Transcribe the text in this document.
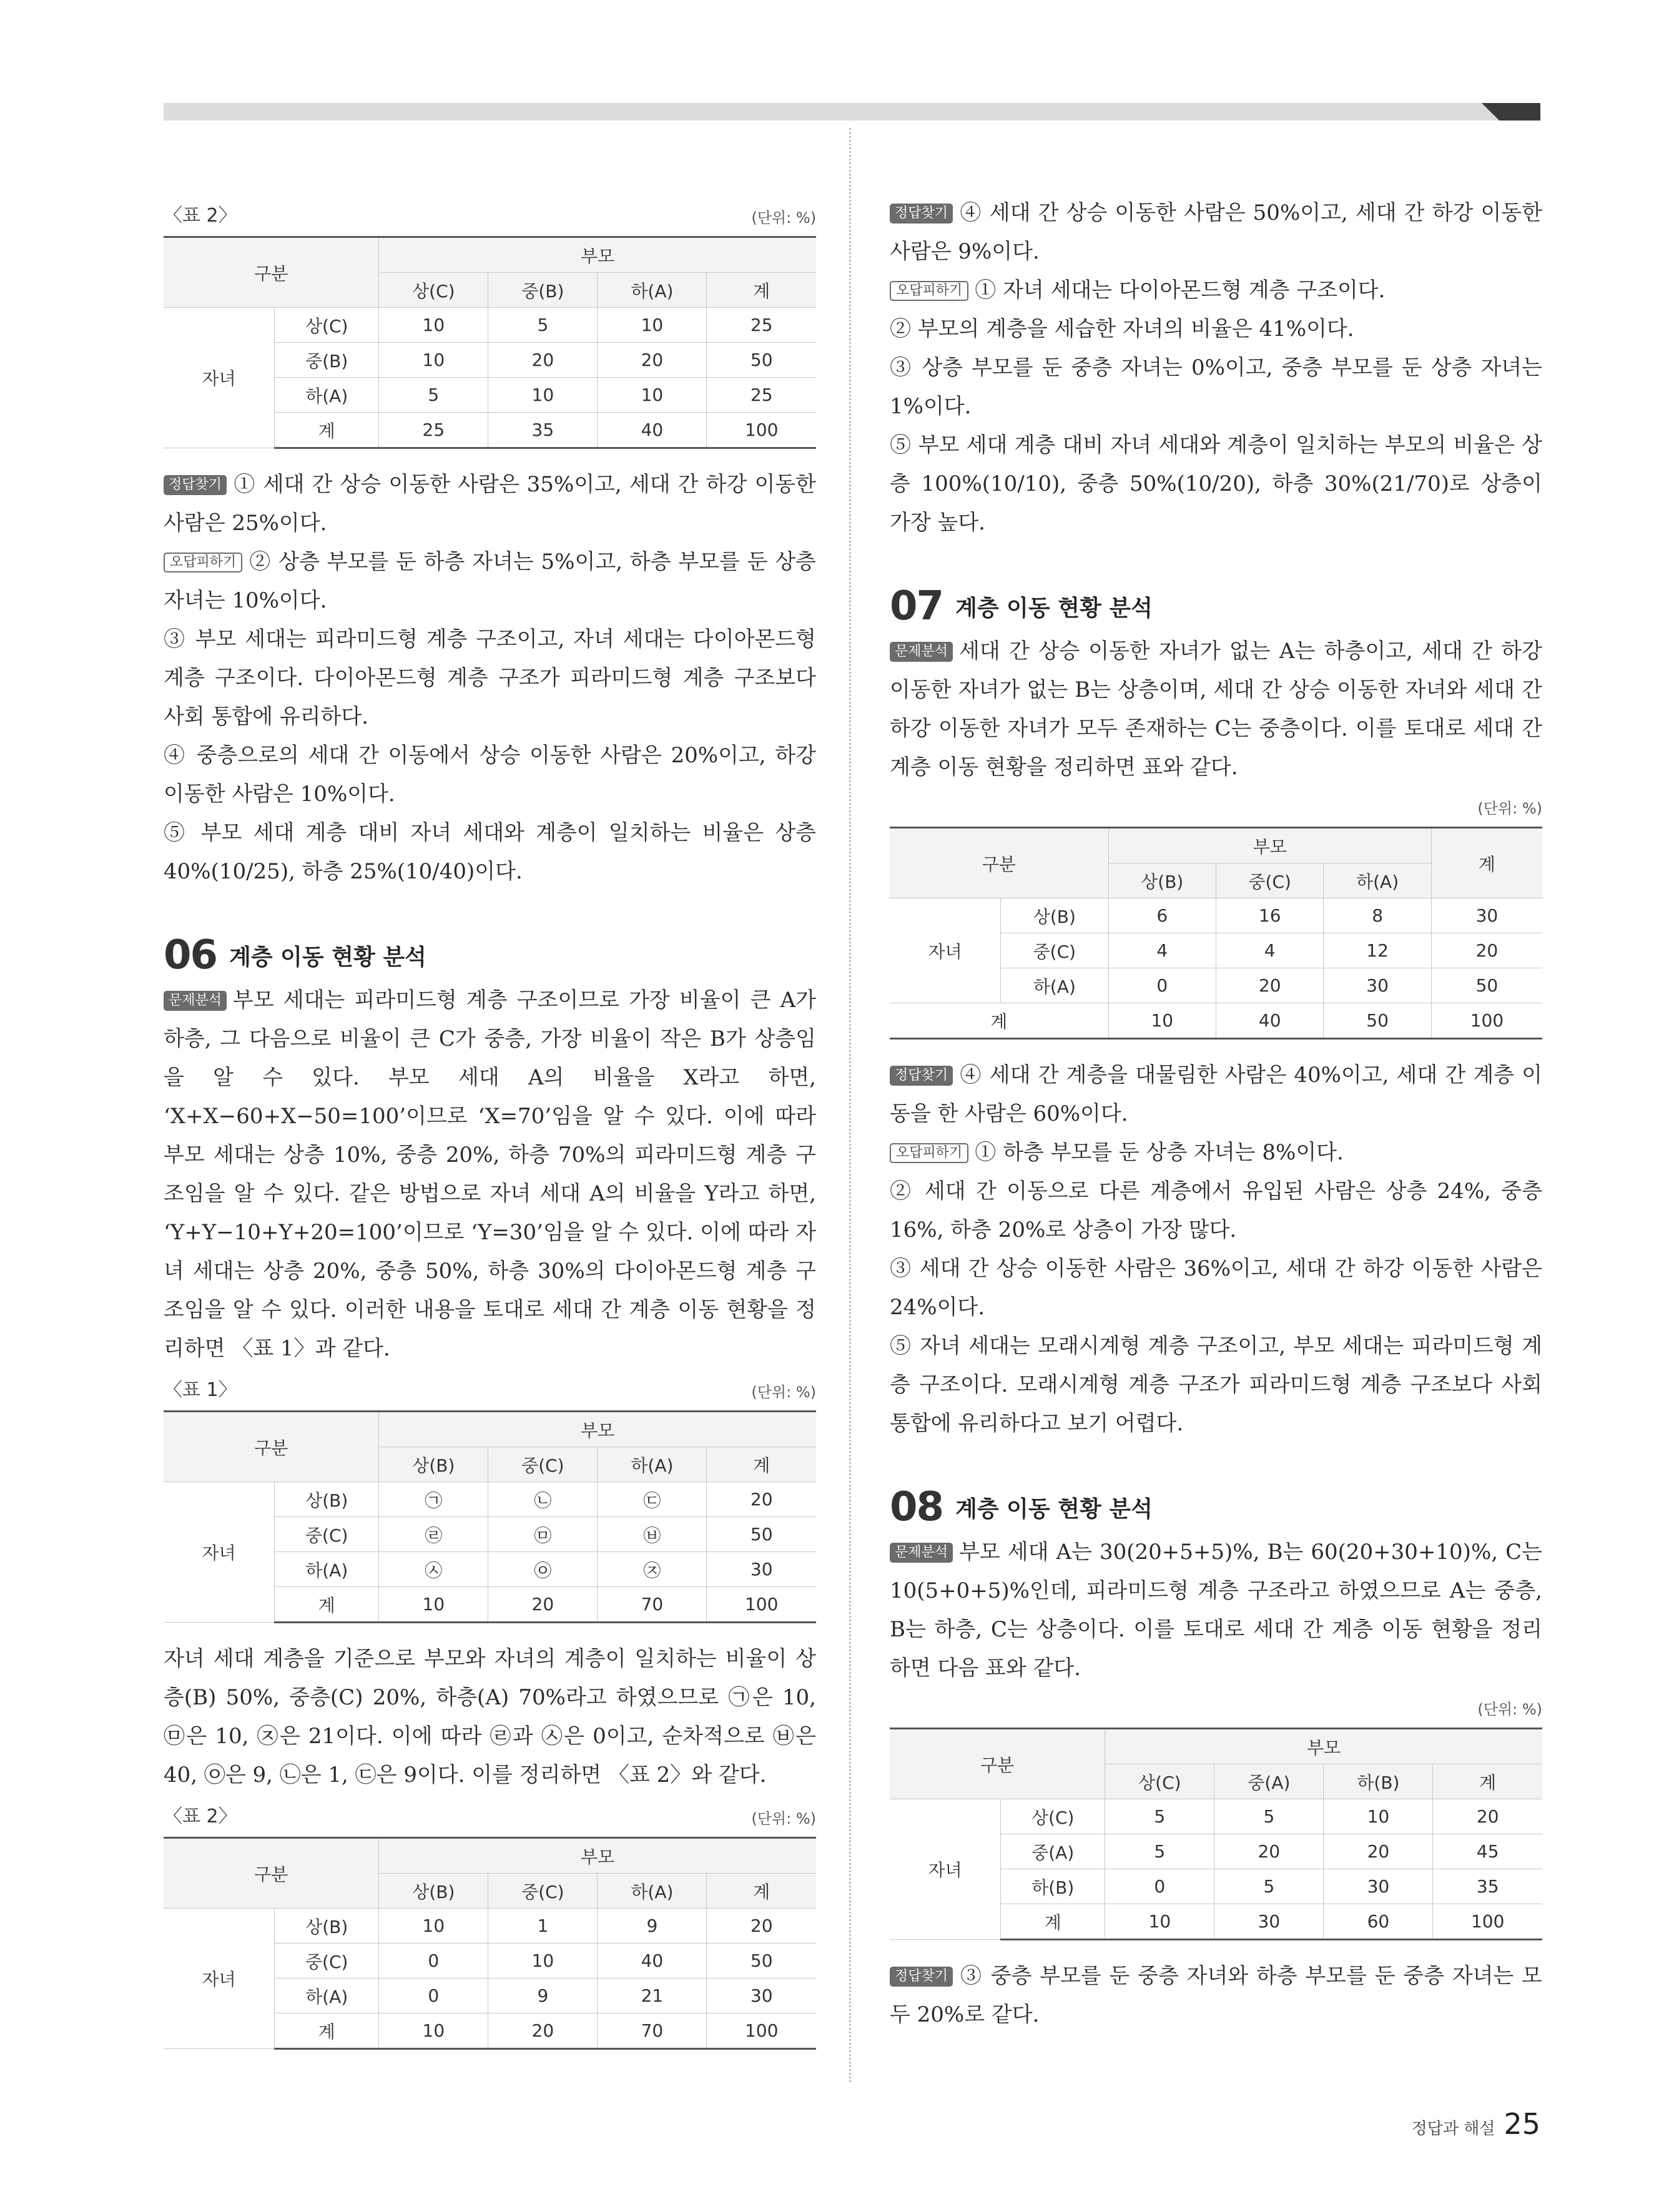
〈표 2〉	(단위: %)
구분		부모			
		상(C)	중(B)	하(A)	계
자녀	상(C)	10	5	10	25
	중(B)	10	20	20	50
	하(A)	5	10	10	25
	계	25	35	40	100

정답찾기 ① 세대 간 상승 이동한 사람은 35%이고, 세대 간 하강 이동한 사람은 25%이다.

오답피하기 ② 상층 부모를 둔 하층 자녀는 5%이고, 하층 부모를 둔 상층 자녀는 10%이다.

③ 부모 세대는 피라미드형 계층 구조이고, 자녀 세대는 다이아몬드형 계층 구조이다. 다이아몬드형 계층 구조가 피라미드형 계층 구조보다 사회 통합에 유리하다.

④ 중층으로의 세대 간 이동에서 상승 이동한 사람은 20%이고, 하강 이동한 사람은 10%이다.

⑤ 부모 세대 계층 대비 자녀 세대와 계층이 일치하는 비율은 상층 40%(10/25), 하층 25%(10/40)이다.

06 계층 이동 현황 분석

문제분석 부모 세대는 피라미드형 계층 구조이므로 가장 비율이 큰 A가 하층, 그 다음으로 비율이 큰 C가 중층, 가장 비율이 작은 B가 상층임을 알 수 있다. 부모 세대 A의 비율을 X라고 하면, ‘X+X−60+X−50=100’이므로 ‘X=70’임을 알 수 있다. 이에 따라 부모 세대는 상층 10%, 중층 20%, 하층 70%의 피라미드형 계층 구조임을 알 수 있다. 같은 방법으로 자녀 세대 A의 비율을 Y라고 하면, ‘Y+Y−10+Y+20=100’이므로 ‘Y=30’임을 알 수 있다. 이에 따라 자녀 세대는 상층 20%, 중층 50%, 하층 30%의 다이아몬드형 계층 구조임을 알 수 있다. 이러한 내용을 토대로 세대 간 계층 이동 현황을 정리하면 〈표 1〉과 같다.

〈표 1〉	(단위: %)
구분		부모			
		상(B)	중(C)	하(A)	계
자녀	상(B)	㉠	㉡	㉢	20
	중(C)	㉣	㉤	㉥	50
	하(A)	㉦	㉧	㉨	30
	계	10	20	70	100

자녀 세대 계층을 기준으로 부모와 자녀의 계층이 일치하는 비율이 상층(B) 50%, 중층(C) 20%, 하층(A) 70%라고 하였으므로 ㉠은 10, ㉤은 10, ㉨은 21이다. 이에 따라 ㉣과 ㉦은 0이고, 순차적으로 ㉥은 40, ㉧은 9, ㉡은 1, ㉢은 9이다. 이를 정리하면 〈표 2〉와 같다.

〈표 2〉	(단위: %)
구분		부모			
		상(B)	중(C)	하(A)	계
자녀	상(B)	10	1	9	20
	중(C)	0	10	40	50
	하(A)	0	9	21	30
	계	10	20	70	100

정답찾기 ④ 세대 간 상승 이동한 사람은 50%이고, 세대 간 하강 이동한 사람은 9%이다.

오답피하기 ① 자녀 세대는 다이아몬드형 계층 구조이다.

② 부모의 계층을 세습한 자녀의 비율은 41%이다.

③ 상층 부모를 둔 중층 자녀는 0%이고, 중층 부모를 둔 상층 자녀는 1%이다.

⑤ 부모 세대 계층 대비 자녀 세대와 계층이 일치하는 부모의 비율은 상층 100%(10/10), 중층 50%(10/20), 하층 30%(21/70)로 상층이 가장 높다.

07 계층 이동 현황 분석

문제분석 세대 간 상승 이동한 자녀가 없는 A는 하층이고, 세대 간 하강 이동한 자녀가 없는 B는 상층이며, 세대 간 상승 이동한 자녀와 세대 간 하강 이동한 자녀가 모두 존재하는 C는 중층이다. 이를 토대로 세대 간 계층 이동 현황을 정리하면 표와 같다.

(단위: %)
구분		부모			계
		상(B)	중(C)	하(A)	
자녀	상(B)	6	16	8	30
	중(C)	4	4	12	20
	하(A)	0	20	30	50
계		10	40	50	100

정답찾기 ④ 세대 간 계층을 대물림한 사람은 40%이고, 세대 간 계층 이동을 한 사람은 60%이다.

오답피하기 ① 하층 부모를 둔 상층 자녀는 8%이다.

② 세대 간 이동으로 다른 계층에서 유입된 사람은 상층 24%, 중층 16%, 하층 20%로 상층이 가장 많다.

③ 세대 간 상승 이동한 사람은 36%이고, 세대 간 하강 이동한 사람은 24%이다.

⑤ 자녀 세대는 모래시계형 계층 구조이고, 부모 세대는 피라미드형 계층 구조이다. 모래시계형 계층 구조가 피라미드형 계층 구조보다 사회 통합에 유리하다고 보기 어렵다.

08 계층 이동 현황 분석

문제분석 부모 세대 A는 30(20+5+5)%, B는 60(20+30+10)%, C는 10(5+0+5)%인데, 피라미드형 계층 구조라고 하였으므로 A는 중층, B는 하층, C는 상층이다. 이를 토대로 세대 간 계층 이동 현황을 정리하면 다음 표와 같다.

(단위: %)
구분		부모			
		상(C)	중(A)	하(B)	계
자녀	상(C)	5	5	10	20
	중(A)	5	20	20	45
	하(B)	0	5	30	35
	계	10	30	60	100

정답찾기 ③ 중층 부모를 둔 중층 자녀와 하층 부모를 둔 중층 자녀는 모두 20%로 같다.

정답과 해설 25
